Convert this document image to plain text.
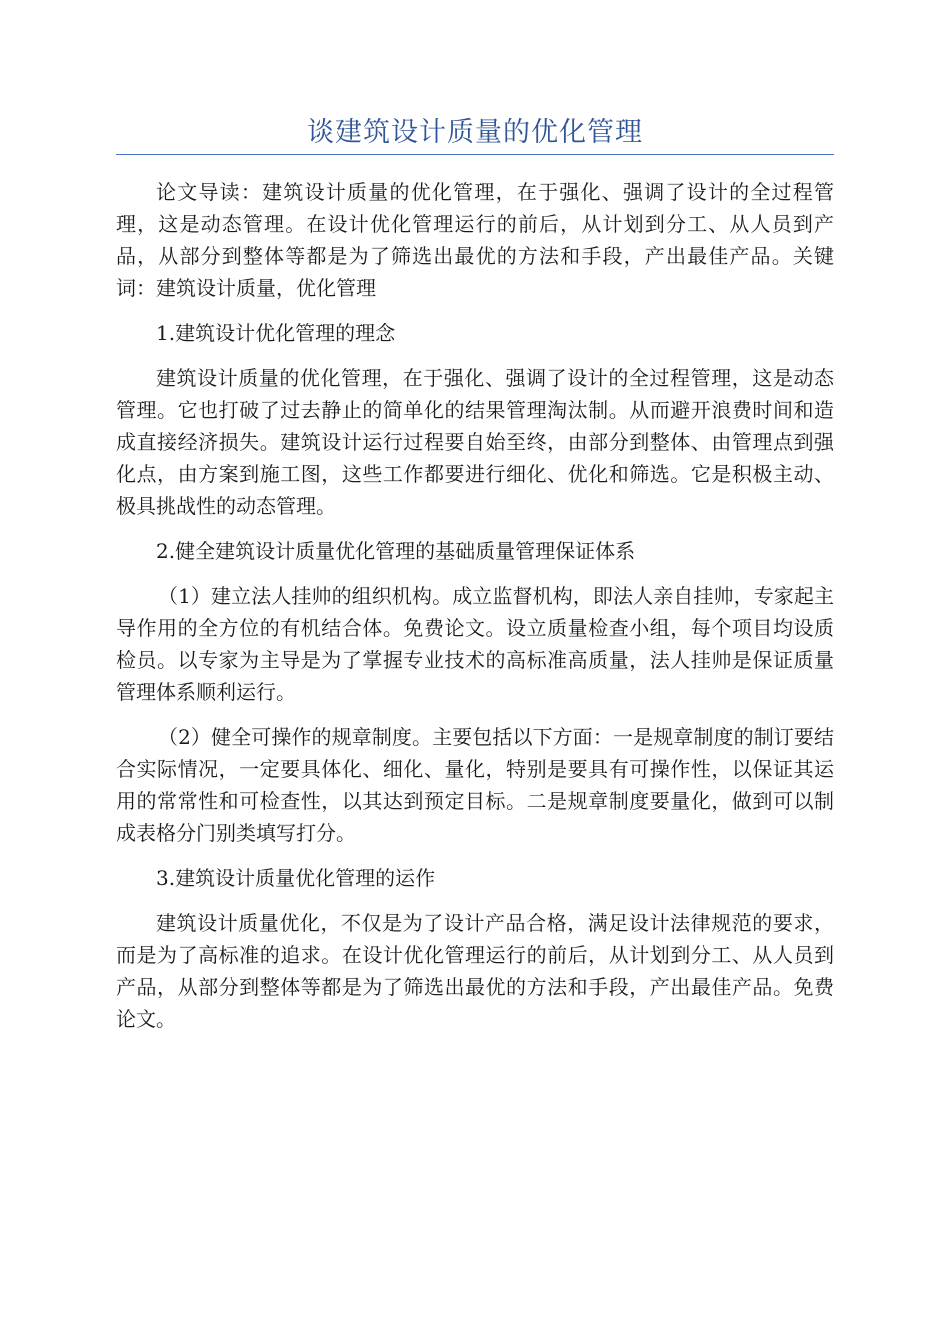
谈建筑设计质量的优化管理

论文导读：建筑设计质量的优化管理，在于强化、强调了设计的全过程管理，这是动态管理。在设计优化管理运行的前后，从计划到分工、从人员到产品，从部分到整体等都是为了筛选出最优的方法和手段，产出最佳产品。关键词：建筑设计质量，优化管理

1.建筑设计优化管理的理念

建筑设计质量的优化管理，在于强化、强调了设计的全过程管理，这是动态管理。它也打破了过去静止的简单化的结果管理淘汰制。从而避开浪费时间和造成直接经济损失。建筑设计运行过程要自始至终，由部分到整体、由管理点到强化点，由方案到施工图，这些工作都要进行细化、优化和筛选。它是积极主动、极具挑战性的动态管理。

2.健全建筑设计质量优化管理的基础质量管理保证体系

（1）建立法人挂帅的组织机构。成立监督机构，即法人亲自挂帅，专家起主导作用的全方位的有机结合体。免费论文。设立质量检查小组，每个项目均设质检员。以专家为主导是为了掌握专业技术的高标准高质量，法人挂帅是保证质量管理体系顺利运行。

（2）健全可操作的规章制度。主要包括以下方面：一是规章制度的制订要结合实际情况，一定要具体化、细化、量化，特别是要具有可操作性，以保证其运用的常常性和可检查性，以其达到预定目标。二是规章制度要量化，做到可以制成表格分门别类填写打分。

3.建筑设计质量优化管理的运作

建筑设计质量优化，不仅是为了设计产品合格，满足设计法律规范的要求，而是为了高标准的追求。在设计优化管理运行的前后，从计划到分工、从人员到产品，从部分到整体等都是为了筛选出最优的方法和手段，产出最佳产品。免费论文。
